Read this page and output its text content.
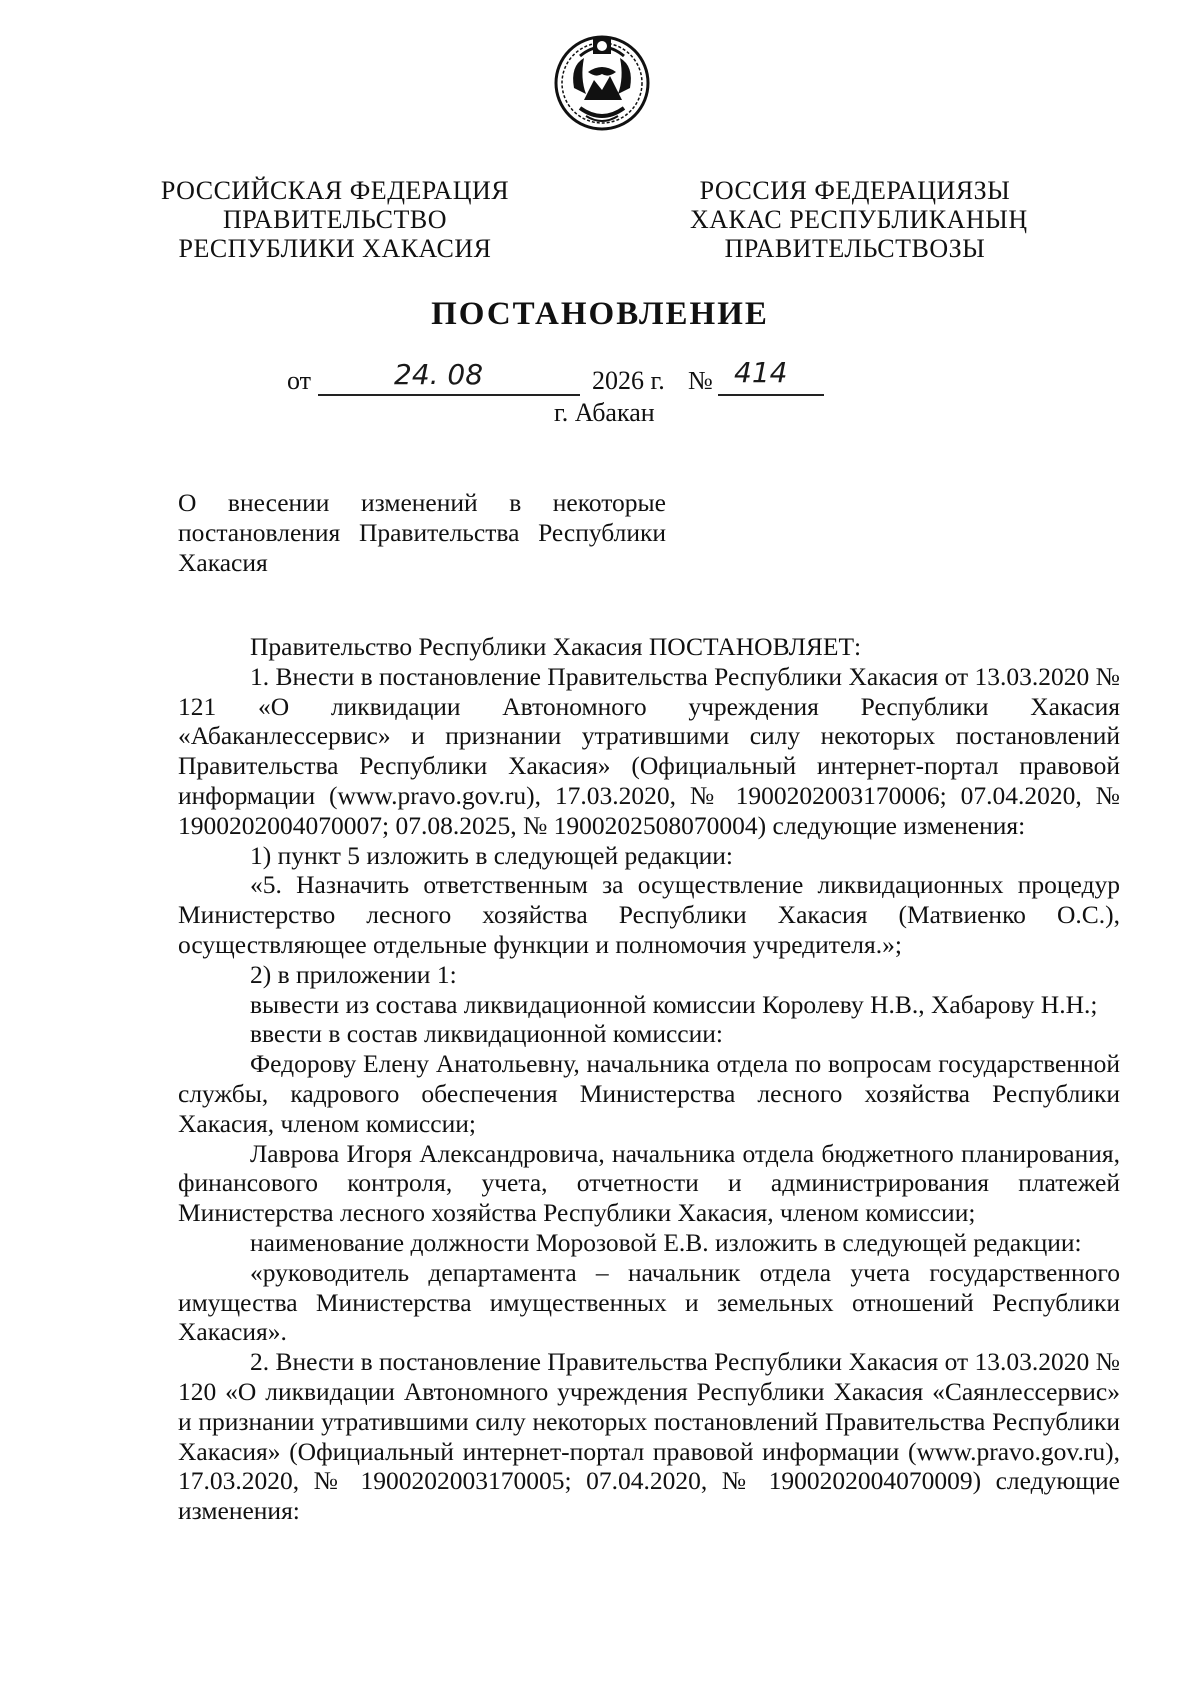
РОССИЙСКАЯ ФЕДЕРАЦИЯ
ПРАВИТЕЛЬСТВО
РЕСПУБЛИКИ ХАКАСИЯ
РОССИЯ ФЕДЕРАЦИЯЗЫ
ХАКАС РЕСПУБЛИКАНЫҢ
ПРАВИТЕЛЬСТВОЗЫ
ПОСТАНОВЛЕНИЕ
от	24. 08	2026 г. № 414
г. Абакан
О внесении изменений в некоторые
постановления Правительства Республики
Хакасия

Правительство Республики Хакасия ПОСТАНОВЛЯЕТ:

1. Внести в постановление Правительства Республики Хакасия от 13.03.2020 № 121 «О ликвидации Автономного учреждения Республики Хакасия «Абаканлессервис» и признании утратившими силу некоторых постановлений Правительства Республики Хакасия» (Официальный интернет-портал правовой информации (www.pravo.gov.ru), 17.03.2020, № 1900202003170006; 07.04.2020, № 1900202004070007; 07.08.2025, № 1900202508070004) следующие изменения:

1) пункт 5 изложить в следующей редакции:

«5. Назначить ответственным за осуществление ликвидационных процедур Министерство лесного хозяйства Республики Хакасия (Матвиенко О.С.), осуществляющее отдельные функции и полномочия учредителя.»;

2) в приложении 1:

вывести из состава ликвидационной комиссии Королеву Н.В., Хабарову Н.Н.;

ввести в состав ликвидационной комиссии:

Федорову Елену Анатольевну, начальника отдела по вопросам государственной службы, кадрового обеспечения Министерства лесного хозяйства Республики Хакасия, членом комиссии;

Лаврова Игоря Александровича, начальника отдела бюджетного планирования, финансового контроля, учета, отчетности и администрирования платежей Министерства лесного хозяйства Республики Хакасия, членом комиссии;

наименование должности Морозовой Е.В. изложить в следующей редакции:

«руководитель департамента – начальник отдела учета государственного имущества Министерства имущественных и земельных отношений Республики Хакасия».

2. Внести в постановление Правительства Республики Хакасия от 13.03.2020 № 120 «О ликвидации Автономного учреждения Республики Хакасия «Саянлессервис» и признании утратившими силу некоторых постановлений Правительства Республики Хакасия» (Официальный интернет-портал правовой информации (www.pravo.gov.ru), 17.03.2020, № 1900202003170005; 07.04.2020, № 1900202004070009) следующие изменения:
